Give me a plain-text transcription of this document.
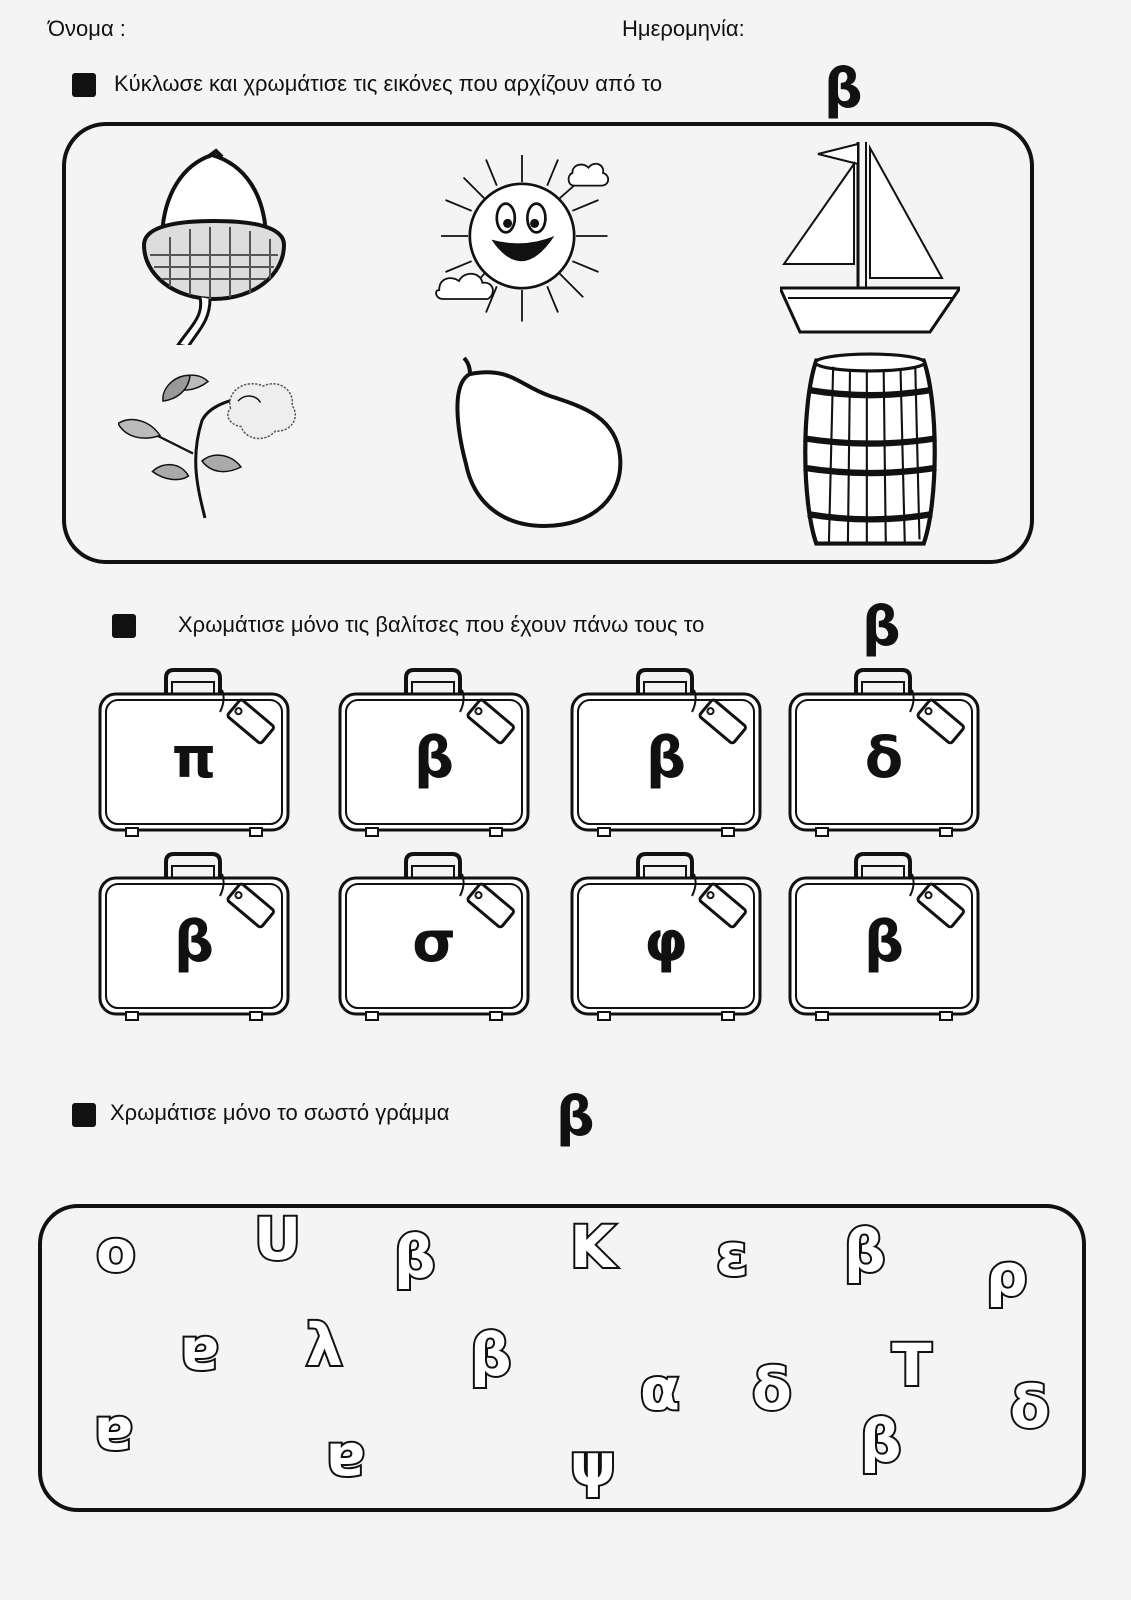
Όνομα :	Ημερομηνία:
Κύκλωσε και χρωμάτισε τις εικόνες που αρχίζουν από το	β
Χρωμάτισε μόνο τις βαλίτσες που έχουν πάνω τους το	β
π	β	β	δ
β	σ	φ	β
Χρωμάτισε μόνο το σωστό γράμμα β
o U β K ε β ρ
ɐ λ β α δ T
ɐ	δ
ɐ	ψ	β
